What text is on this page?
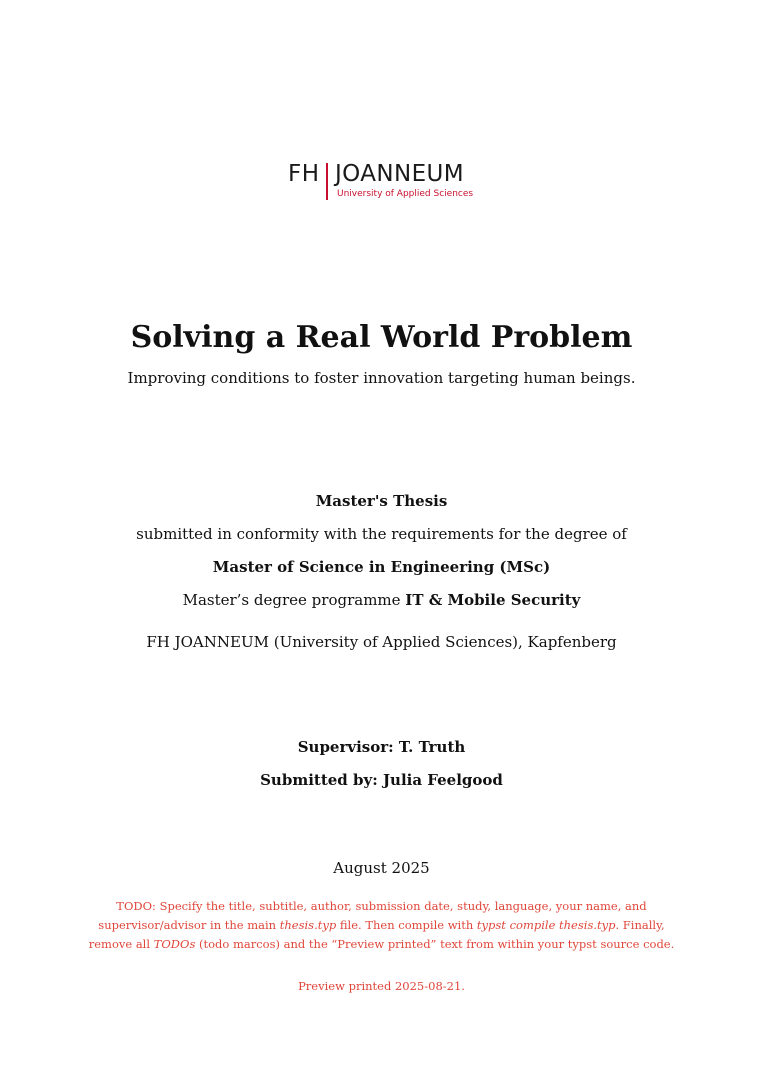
FH JOANNEUM
University of Applied Sciences
Solving a Real World Problem
Improving conditions to foster innovation targeting human beings.
Master's Thesis
submitted in conformity with the requirements for the degree of
Master of Science in Engineering (MSc)
Master’s degree programme IT & Mobile Security
FH JOANNEUM (University of Applied Sciences), Kapfenberg
Supervisor: T. Truth
Submitted by: Julia Feelgood
August 2025
TODO: Specify the title, subtitle, author, submission date, study, language, your name, and supervisor/advisor in the main thesis.typ file. Then compile with typst compile thesis.typ. Finally, remove all TODOs (todo marcos) and the “Preview printed” text from within your typst source code.
Preview printed 2025-08-21.
